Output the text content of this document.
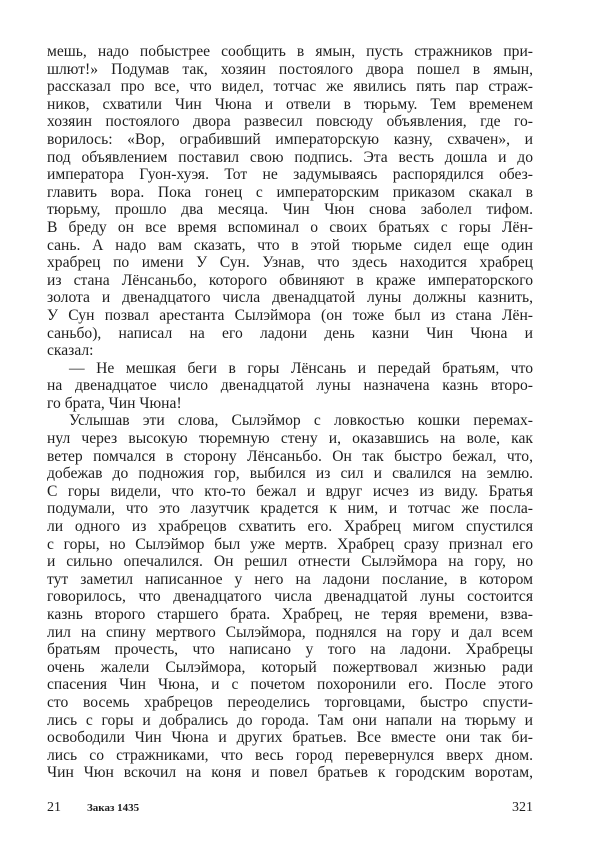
мешь, надо побыстрее сообщить в ямын, пусть стражников при-
шлют!» Подумав так, хозяин постоялого двора пошел в ямын,
рассказал про все, что видел, тотчас же явились пять пар страж-
ников, схватили Чин Чюна и отвели в тюрьму. Тем временем
хозяин постоялого двора развесил повсюду объявления, где го-
ворилось: «Вор, ограбивший императорскую казну, схвачен», и
под объявлением поставил свою подпись. Эта весть дошла и до
императора Гуон-хуэя. Тот не задумываясь распорядился обез-
главить вора. Пока гонец с императорским приказом скакал в
тюрьму, прошло два месяца. Чин Чюн снова заболел тифом.
В бреду он все время вспоминал о своих братьях с горы Лён-
сань. А надо вам сказать, что в этой тюрьме сидел еще один
храбрец по имени У Сун. Узнав, что здесь находится храбрец
из стана Лёнсаньбо, которого обвиняют в краже императорского
золота и двенадцатого числа двенадцатой луны должны казнить,
У Сун позвал арестанта Сылэймора (он тоже был из стана Лён-
саньбо), написал на его ладони день казни Чин Чюна и
сказал:
— Не мешкая беги в горы Лёнсань и передай братьям, что
на двенадцатое число двенадцатой луны назначена казнь второ-
го брата, Чин Чюна!
Услышав эти слова, Сылэймор с ловкостью кошки перемах-
нул через высокую тюремную стену и, оказавшись на воле, как
ветер помчался в сторону Лёнсаньбо. Он так быстро бежал, что,
добежав до подножия гор, выбился из сил и свалился на землю.
С горы видели, что кто-то бежал и вдруг исчез из виду. Братья
подумали, что это лазутчик крадется к ним, и тотчас же посла-
ли одного из храбрецов схватить его. Храбрец мигом спустился
с горы, но Сылэймор был уже мертв. Храбрец сразу признал его
и сильно опечалился. Он решил отнести Сылэймора на гору, но
тут заметил написанное у него на ладони послание, в котором
говорилось, что двенадцатого числа двенадцатой луны состоится
казнь второго старшего брата. Храбрец, не теряя времени, взва-
лил на спину мертвого Сылэймора, поднялся на гору и дал всем
братьям прочесть, что написано у того на ладони. Храбрецы
очень жалели Сылэймора, который пожертвовал жизнью ради
спасения Чин Чюна, и с почетом похоронили его. После этого
сто восемь храбрецов переоделись торговцами, быстро спусти-
лись с горы и добрались до города. Там они напали на тюрьму и
освободили Чин Чюна и других братьев. Все вместе они так би-
лись со стражниками, что весь город перевернулся вверх дном.
Чин Чюн вскочил на коня и повел братьев к городским воротам,
21 Заказ 1435	321
